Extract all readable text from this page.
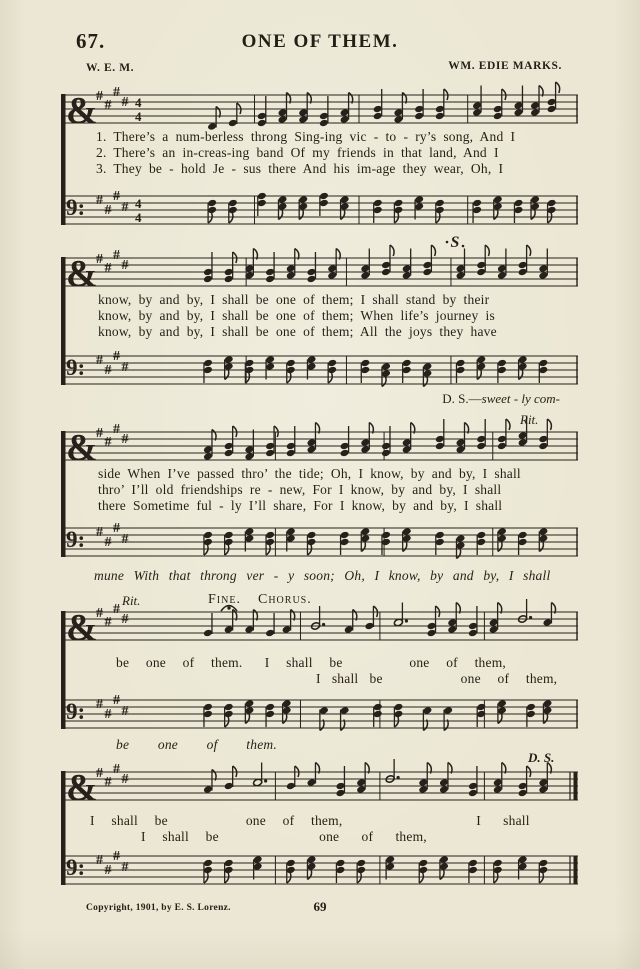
&
#
#
#
# 4
4
9: #
#
#
# 4
4
&
#
#
#
#
9: #
#
#
#
&
#
#
#
#
9: #
#
#
#
&
#
#
#
#
9: #
#
#
#
&
#
#
#
#
9: #
#
#
#
S
67.	ONE OF THEM.
W. E. M.	WM. EDIE MARKS.
1. There’s a num-berless throng Sing-ing vic - to - ry’s song, And I
2. There’s an in-creas-ing band Of my friends in that land, And I
3. They be - hold Je - sus there And his im-age they wear, Oh, I
know, by and by, I shall be one of them; I shall stand by their
know, by and by, I shall be one of them; When life’s journey is
know, by and by, I shall be one of them; All the joys they have
D. S.—sweet - ly com-
Rit.
side When I’ve passed thro’ the tide; Oh, I know, by and by, I shall
thro’ I’ll old friendships re - new, For I know, by and by, I shall
there Sometime ful - ly I’ll share, For I know, by and by, I shall
mune With that throng ver - y soon; Oh, I know, by and by, I shall
Rit.	Fine. Chorus.
be   one   of   them.    I   shall   be            one   of   them,
I  shall  be              one   of   them,
be   one   of   them.
D. S.
I   shall   be              one   of   them,                        I    shall
I   shall   be                  one    of    them,
Copyright, 1901, by E. S. Lorenz.	69
